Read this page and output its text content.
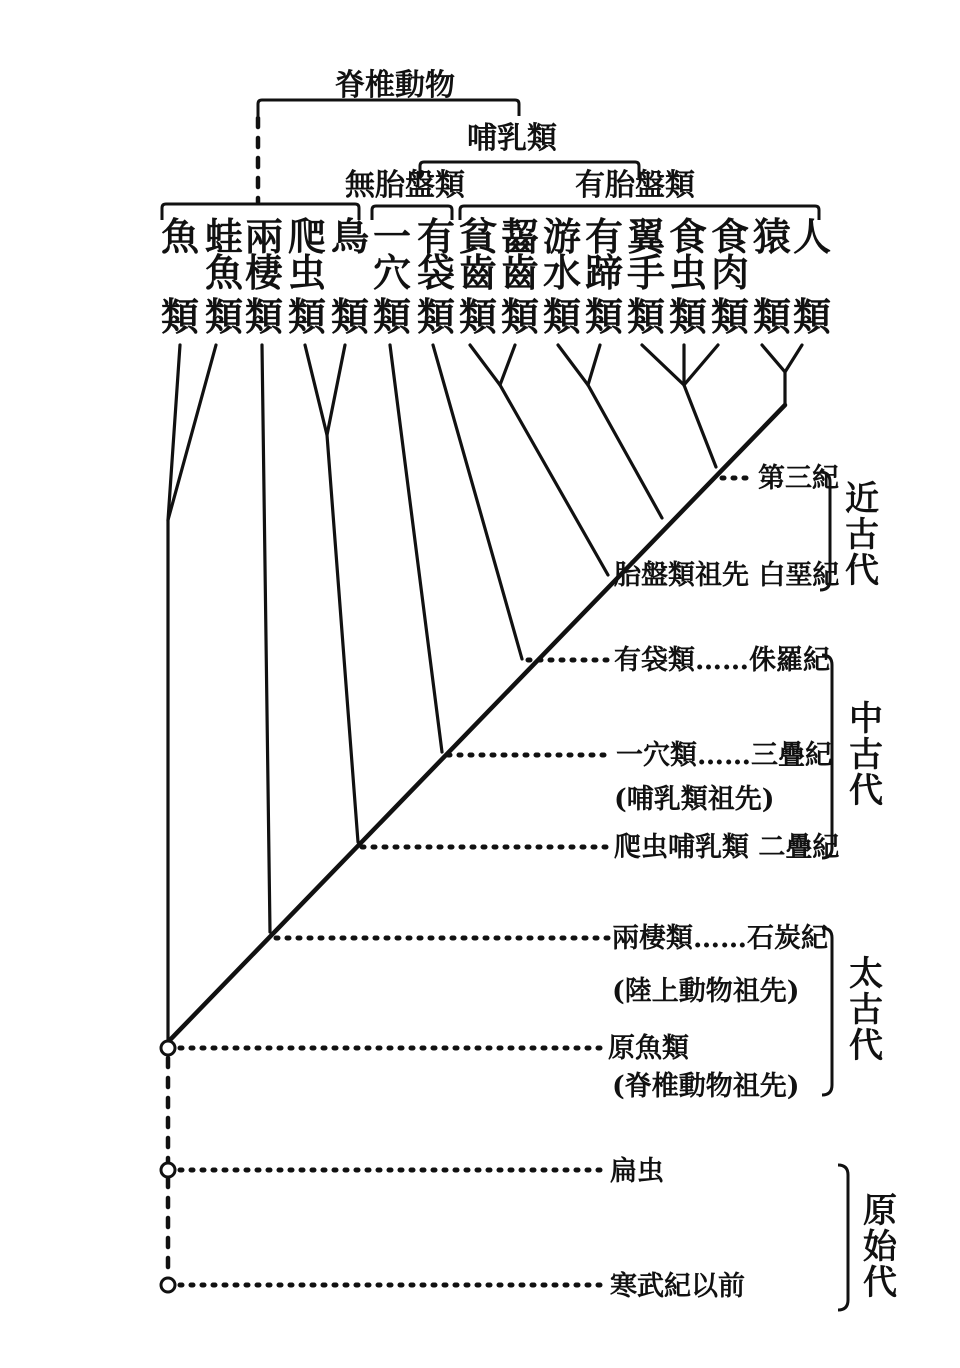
脊椎動物
哺乳類
無胎盤類	有胎盤類
魚
類
蛙
魚
類
兩
棲
類
爬
虫
類
鳥
類
一
穴
類
有
袋
類
貧
齒
類
齧
齒
類
游
水
類
有
蹄
類
翼
手
類
食
虫
類
食
肉
類
猿
類
人
類
第三紀
胎盤類祖先 白堊紀
有袋類……侏羅紀
一穴類……三疊紀
(哺乳類祖先)
爬虫哺乳類 二疊紀
兩棲類……石炭紀
(陸上動物祖先)
原魚類
(脊椎動物祖先)
扁虫
寒武紀以前
近
古
代
中
古
代
太
古
代
原
始
代
